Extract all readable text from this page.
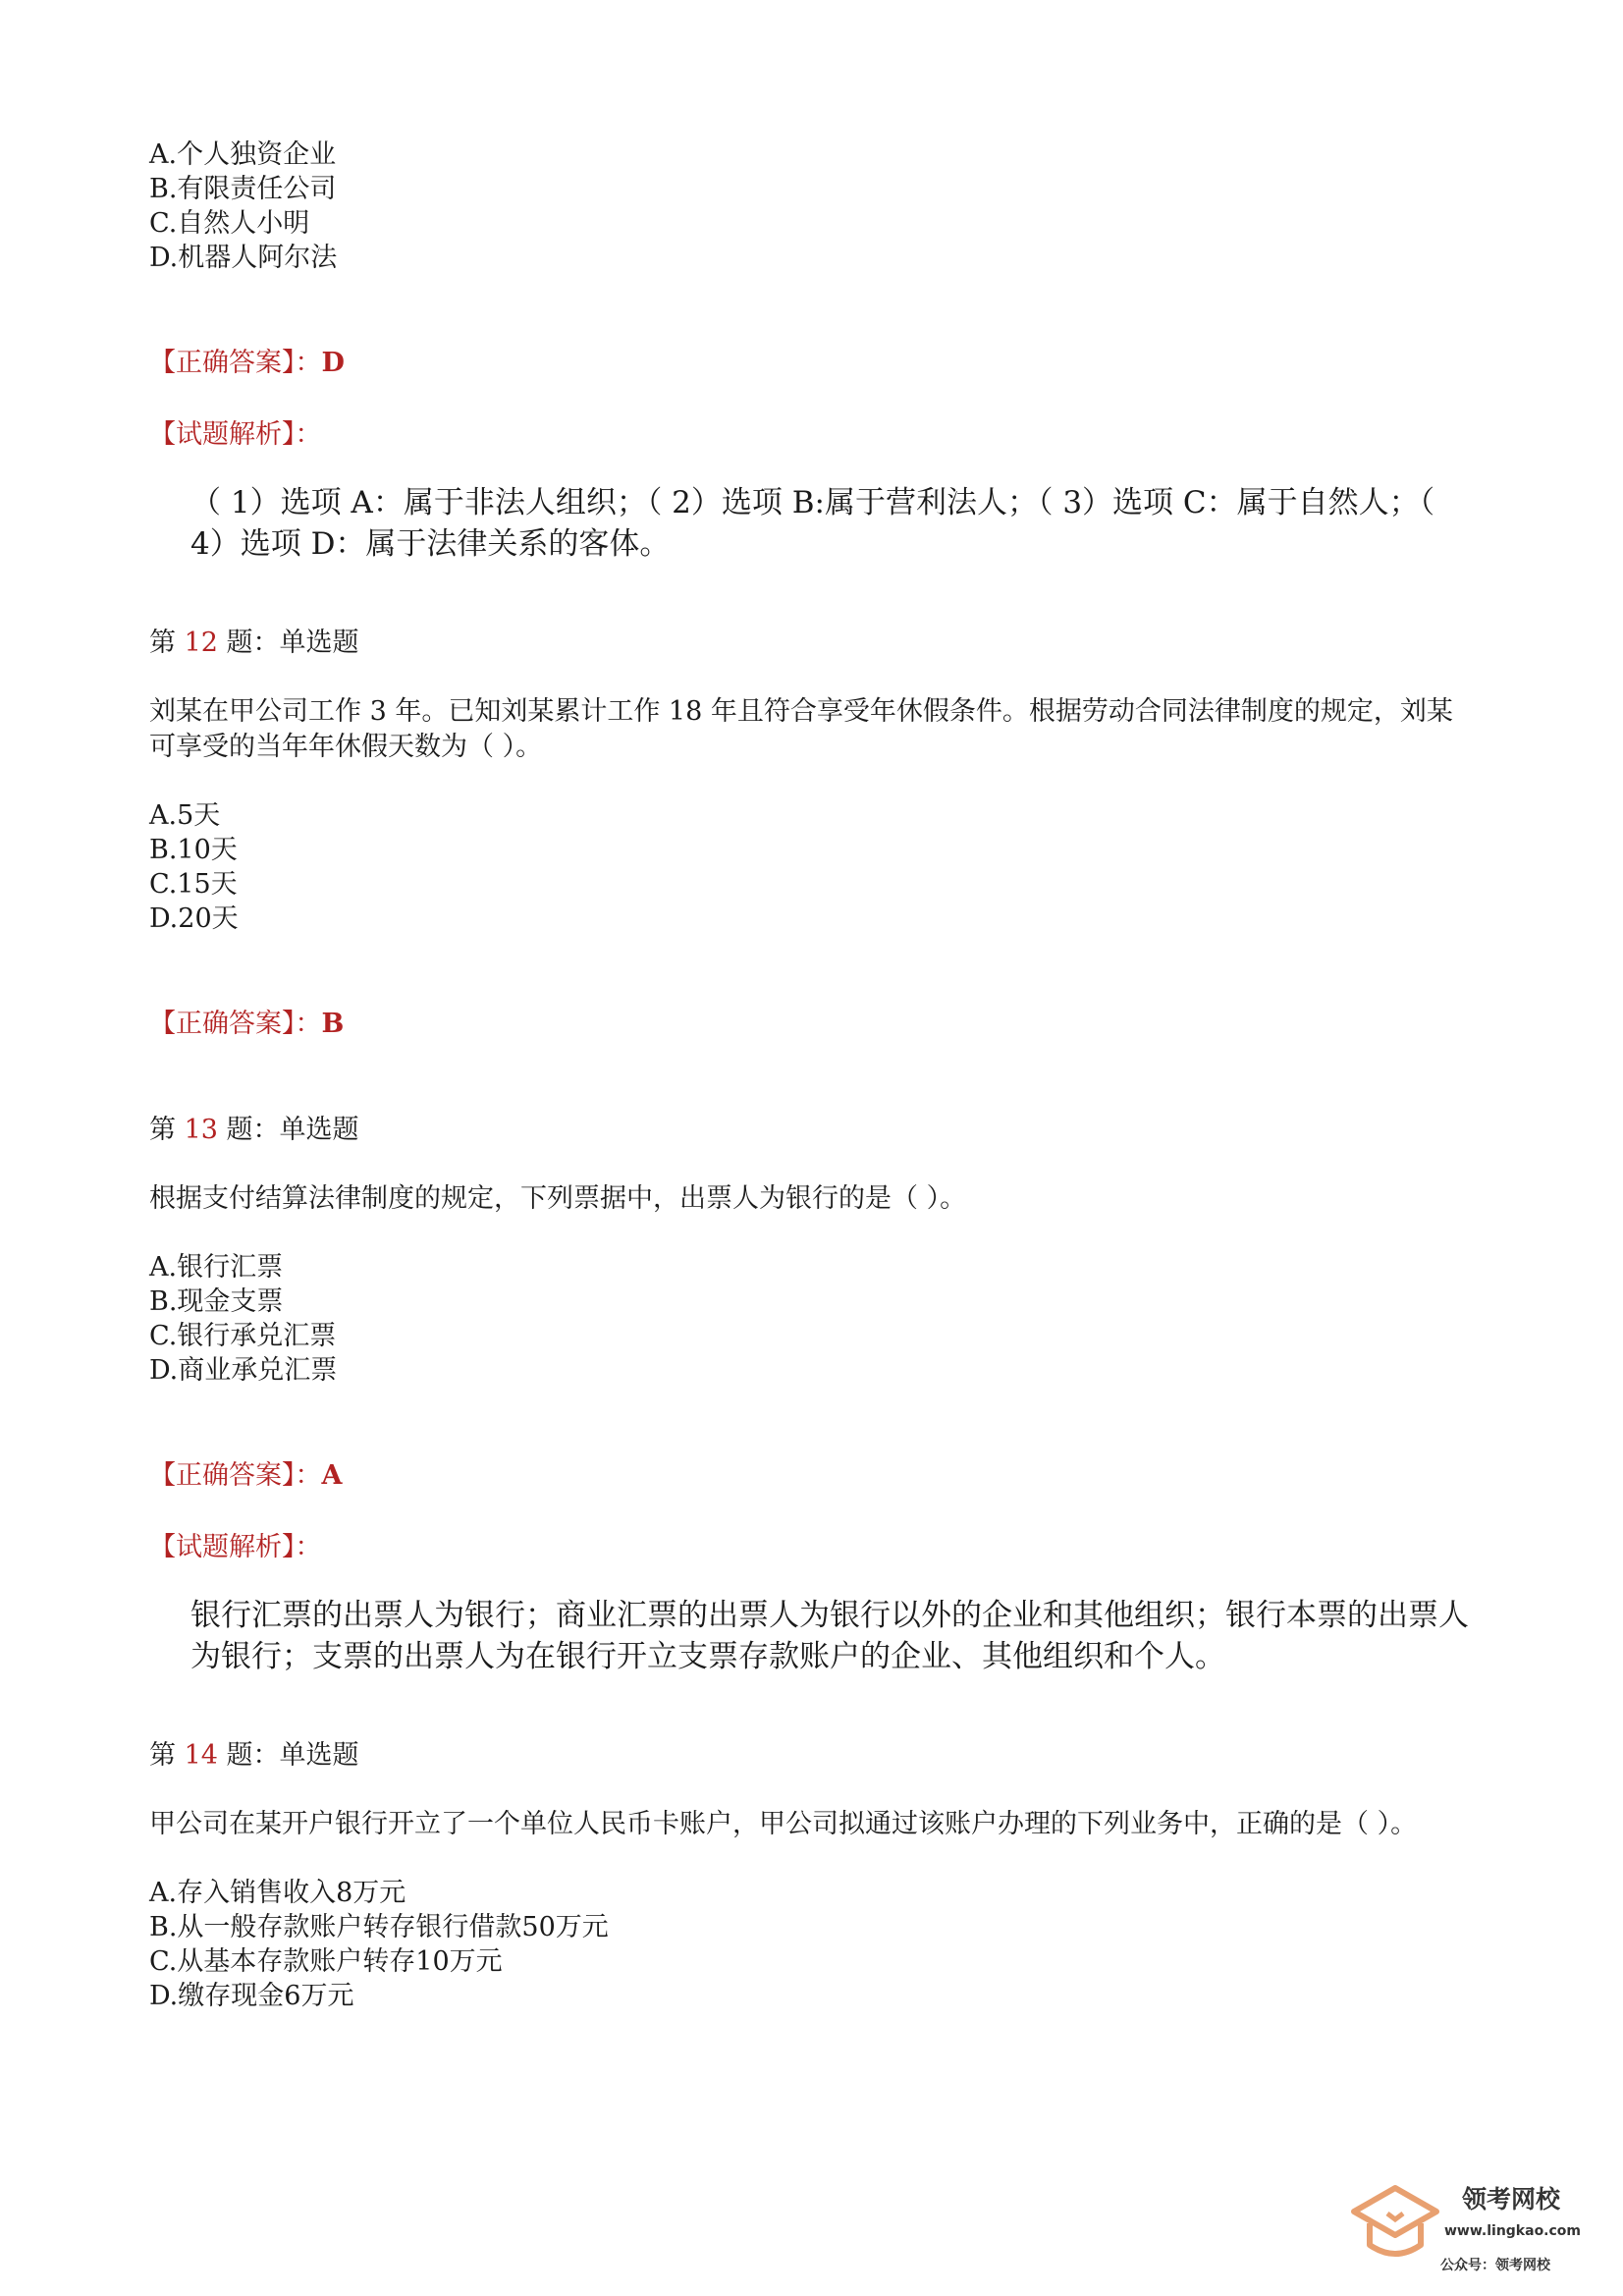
A.个人独资企业
B.有限责任公司
C.自然人小明
D.机器人阿尔法
【正确答案】：D
【试题解析】：
（ 1）选项 A：属于非法人组织；（ 2）选项 B:属于营利法人；（ 3）选项 C：属于自然人；（ 4）选项 D：属于法律关系的客体。
第 12 题：单选题
刘某在甲公司工作 3 年。已知刘某累计工作 18 年且符合享受年休假条件。根据劳动合同法律制度的规定，刘某可享受的当年年休假天数为（ ）。
A.5天
B.10天
C.15天
D.20天
【正确答案】：B
第 13 题：单选题
根据支付结算法律制度的规定，下列票据中，出票人为银行的是（ ）。
A.银行汇票
B.现金支票
C.银行承兑汇票
D.商业承兑汇票
【正确答案】：A
【试题解析】：
银行汇票的出票人为银行；商业汇票的出票人为银行以外的企业和其他组织；银行本票的出票人为银行；支票的出票人为在银行开立支票存款账户的企业、其他组织和个人。
第 14 题：单选题
甲公司在某开户银行开立了一个单位人民币卡账户，甲公司拟通过该账户办理的下列业务中，正确的是（ ）。
A.存入销售收入8万元
B.从一般存款账户转存银行借款50万元
C.从基本存款账户转存10万元
D.缴存现金6万元
领考网校
www.lingkao.com
公众号：领考网校
